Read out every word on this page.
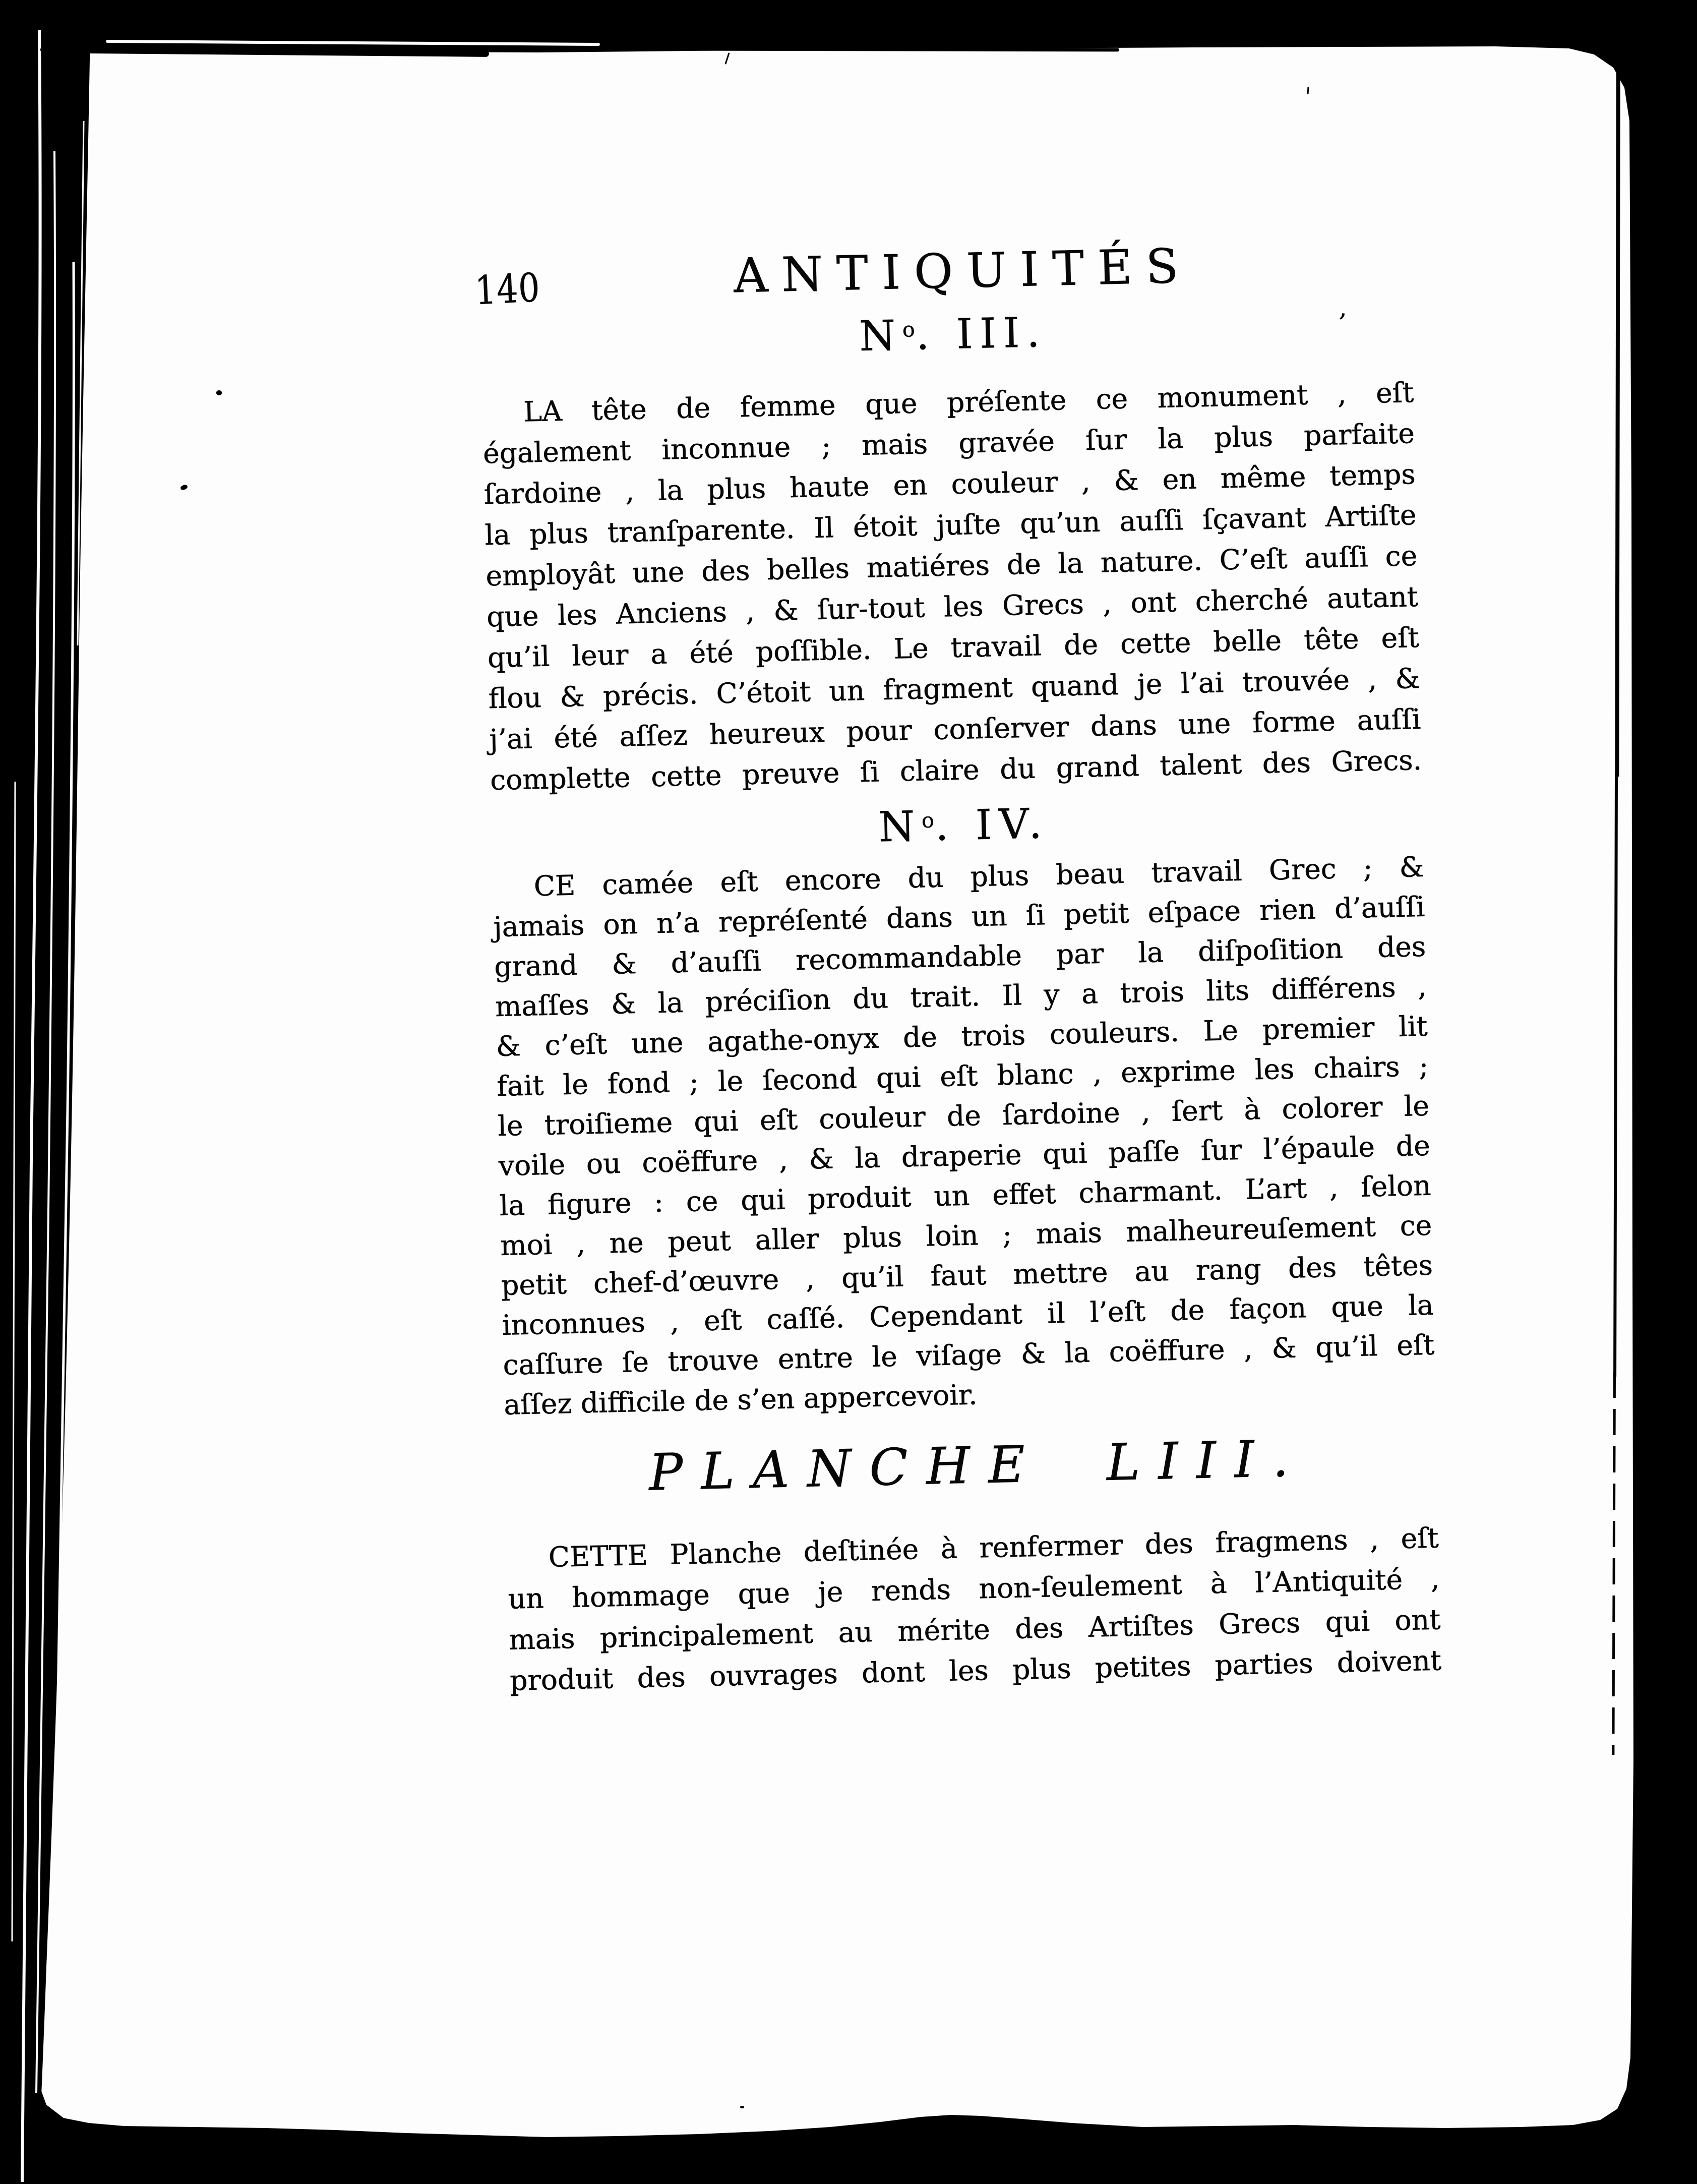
’
140	ANTIQUITÉS
$N^o$. III.
LA tête de femme que préſente ce monument , eſt
également inconnue ; mais gravée ſur la plus parfaite
ſardoine , la plus haute en couleur , & en même temps
la plus tranſparente. Il étoit juſte qu’un auſſi ſçavant Artiſte
employât une des belles matiéres de la nature. C’eſt auſſi ce
que les Anciens , & ſur-tout les Grecs , ont cherché autant
qu’il leur a été poſſible. Le travail de cette belle tête eſt
flou & précis. C’étoit un fragment quand je l’ai trouvée , &
j’ai été aſſez heureux pour conſerver dans une forme auſſi
complette cette preuve ſi claire du grand talent des Grecs.
$N^o$. IV.
CE camée eſt encore du plus beau travail Grec ; &
jamais on n’a repréſenté dans un ſi petit eſpace rien d’auſſi
grand & d’auſſi recommandable par la diſpoſition des
maſſes & la préciſion du trait. Il y a trois lits différens ,
& c’eſt une agathe-onyx de trois couleurs. Le premier lit
fait le fond ; le ſecond qui eſt blanc , exprime les chairs ;
le troiſieme qui eſt couleur de ſardoine , ſert à colorer le
voile ou coëffure , & la draperie qui paſſe ſur l’épaule de
la figure : ce qui produit un effet charmant. L’art , ſelon
moi , ne peut aller plus loin ; mais malheureuſement ce
petit chef-d’œuvre , qu’il faut mettre au rang des têtes
inconnues , eſt caſſé. Cependant il l’eſt de façon que la
caſſure ſe trouve entre le viſage & la coëffure , & qu’il eſt
aſſez difficile de s’en appercevoir.
PLANCHE LIII.
CETTE Planche deſtinée à renfermer des fragmens , eſt
un hommage que je rends non-ſeulement à l’Antiquité ,
mais principalement au mérite des Artiſtes Grecs qui ont
produit des ouvrages dont les plus petites parties doivent
